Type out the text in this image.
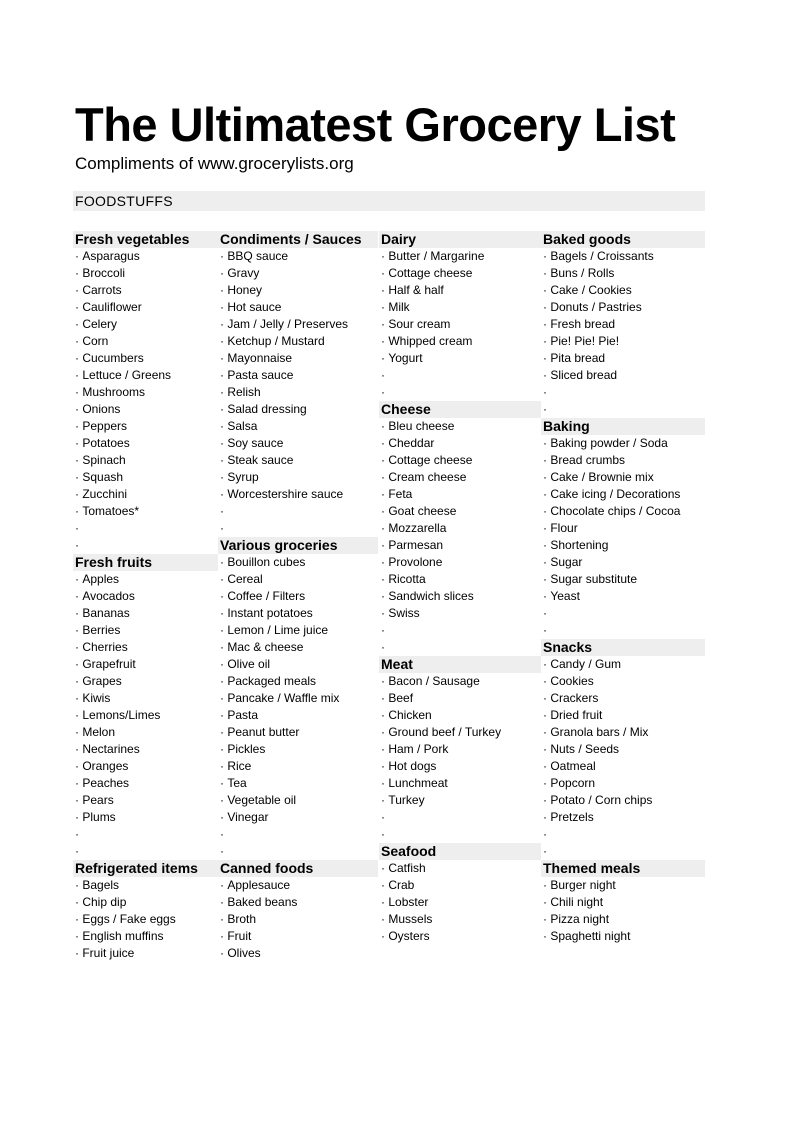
The Ultimatest Grocery List
Compliments of www.grocerylists.org
FOODSTUFFS
Fresh vegetables
· Asparagus
· Broccoli
· Carrots
· Cauliflower
· Celery
· Corn
· Cucumbers
· Lettuce / Greens
· Mushrooms
· Onions
· Peppers
· Potatoes
· Spinach
· Squash
· Zucchini
· Tomatoes*
·
·
Fresh fruits
· Apples
· Avocados
· Bananas
· Berries
· Cherries
· Grapefruit
· Grapes
· Kiwis
· Lemons/Limes
· Melon
· Nectarines
· Oranges
· Peaches
· Pears
· Plums
·
·
Refrigerated items
· Bagels
· Chip dip
· Eggs / Fake eggs
· English muffins
· Fruit juice
Condiments / Sauces
· BBQ sauce
· Gravy
· Honey
· Hot sauce
· Jam / Jelly / Preserves
· Ketchup / Mustard
· Mayonnaise
· Pasta sauce
· Relish
· Salad dressing
· Salsa
· Soy sauce
· Steak sauce
· Syrup
· Worcestershire sauce
·
·
Various groceries
· Bouillon cubes
· Cereal
· Coffee / Filters
· Instant potatoes
· Lemon / Lime juice
· Mac & cheese
· Olive oil
· Packaged meals
· Pancake / Waffle mix
· Pasta
· Peanut butter
· Pickles
· Rice
· Tea
· Vegetable oil
· Vinegar
·
·
Canned foods
· Applesauce
· Baked beans
· Broth
· Fruit
· Olives
Dairy
· Butter / Margarine
· Cottage cheese
· Half & half
· Milk
· Sour cream
· Whipped cream
· Yogurt
·
·
Cheese
· Bleu cheese
· Cheddar
· Cottage cheese
· Cream cheese
· Feta
· Goat cheese
· Mozzarella
· Parmesan
· Provolone
· Ricotta
· Sandwich slices
· Swiss
·
·
Meat
· Bacon / Sausage
· Beef
· Chicken
· Ground beef / Turkey
· Ham / Pork
· Hot dogs
· Lunchmeat
· Turkey
·
·
Seafood
· Catfish
· Crab
· Lobster
· Mussels
· Oysters
Baked goods
· Bagels / Croissants
· Buns / Rolls
· Cake / Cookies
· Donuts / Pastries
· Fresh bread
· Pie! Pie! Pie!
· Pita bread
· Sliced bread
·
·
Baking
· Baking powder / Soda
· Bread crumbs
· Cake / Brownie mix
· Cake icing / Decorations
· Chocolate chips / Cocoa
· Flour
· Shortening
· Sugar
· Sugar substitute
· Yeast
·
·
Snacks
· Candy / Gum
· Cookies
· Crackers
· Dried fruit
· Granola bars / Mix
· Nuts / Seeds
· Oatmeal
· Popcorn
· Potato / Corn chips
· Pretzels
·
·
Themed meals
· Burger night
· Chili night
· Pizza night
· Spaghetti night
